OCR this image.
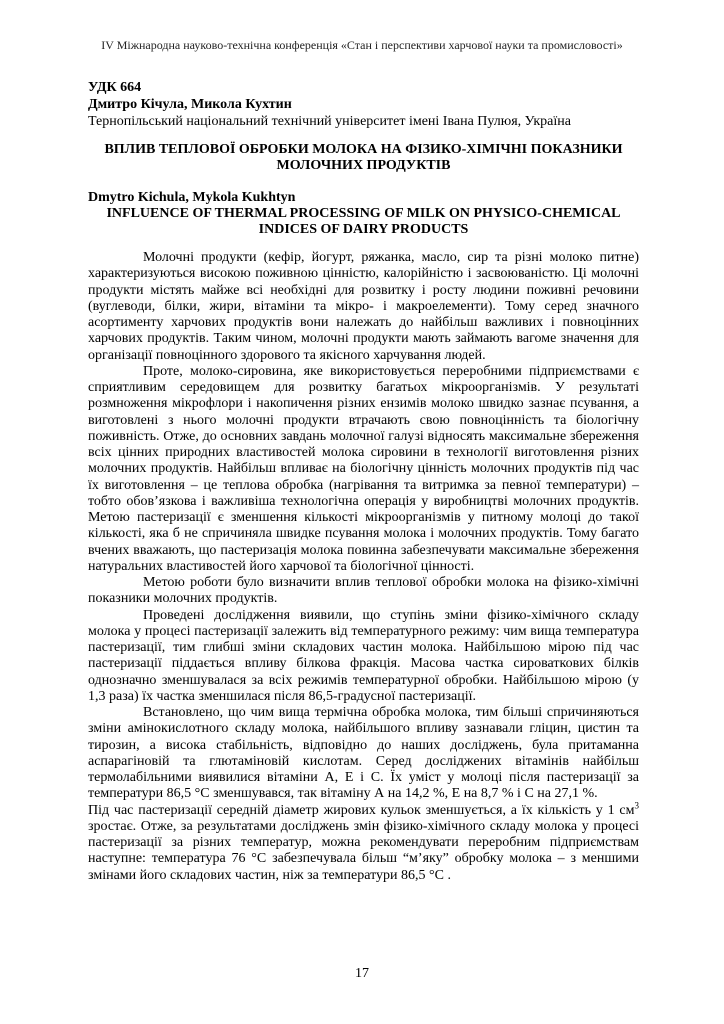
IV Міжнародна науково-технічна конференція «Стан і перспективи харчової науки та промисловості»
УДК 664
Дмитро Кічула, Микола Кухтин
Тернопільський національний технічний університет імені Івана Пулюя, Україна
ВПЛИВ ТЕПЛОВОЇ ОБРОБКИ МОЛОКА НА ФІЗИКО-ХІМІЧНІ ПОКАЗНИКИ
МОЛОЧНИХ ПРОДУКТІВ
Dmytro Kichula, Mykola Kukhtyn
INFLUENCE OF THERMAL PROCESSING OF MILK ON PHYSICO-CHEMICAL
INDICES OF DAIRY PRODUCTS

Молочні продукти (кефір, йогурт, ряжанка, масло, сир та різні молоко питне) характеризуються високою поживною цінністю, калорійністю і засвоюваністю. Ці молочні продукти містять майже всі необхідні для розвитку і росту людини поживні речовини (вуглеводи, білки, жири, вітаміни та мікро- і макроелементи). Тому серед значного асортименту харчових продуктів вони належать до найбільш важливих і повноцінних харчових продуктів. Таким чином, молочні продукти мають займають вагоме значення для організації повноцінного здорового та якісного харчування людей.

Проте, молоко-сировина, яке використовується переробними підприємствами є сприятливим середовищем для розвитку багатьох мікроорганізмів. У результаті розмноження мікрофлори і накопичення різних ензимів молоко швидко зазнає псування, а виготовлені з нього молочні продукти втрачають свою повноцінність та біологічну поживність. Отже, до основних завдань молочної галузі відносять максимальне збереження всіх цінних природних властивостей молока сировини в технології виготовлення різних молочних продуктів. Найбільш впливає на біологічну цінність молочних продуктів під час їх виготовлення – це теплова обробка (нагрівання та витримка за певної температури) – тобто обов’язкова і важливіша технологічна операція у виробництві молочних продуктів. Метою пастеризації є зменшення кількості мікроорганізмів у питному молоці до такої кількості, яка б не спричиняла швидке псування молока і молочних продуктів. Тому багато вчених вважають, що пастеризація молока повинна забезпечувати максимальне збереження натуральних властивостей його харчової та біологічної цінності.

Метою роботи було визначити вплив теплової обробки молока на фізико-хімічні показники молочних продуктів.

Проведені дослідження виявили, що ступінь зміни фізико-хімічного складу молока у процесі пастеризації залежить від температурного режиму: чим вища температура пастеризації, тим глибші зміни складових частин молока. Найбільшою мірою під час пастеризації піддається впливу білкова фракція. Масова частка сироваткових білків однозначно зменшувалася за всіх режимів температурної обробки. Найбільшою мірою (у 1,3 раза) їх частка зменшилася після 86,5-градусної пастеризації.

Встановлено, що чим вища термічна обробка молока, тим більші спричиняються зміни амінокислотного складу молока, найбільшого впливу зазнавали гліцин, цистин та тирозин, а висока стабільність, відповідно до наших досліджень, була притаманна аспарагіновій та глютаміновій кислотам. Серед досліджених вітамінів найбільш термолабільними виявилися вітаміни А, Е і С. Їх уміст у молоці після пастеризації за температури 86,5 °С зменшувався, так вітаміну А на 14,2 %, Е на 8,7 % і С на 27,1 %.

Під час пастеризації середній діаметр жирових кульок зменшується, а їх кількість у 1 $см^3$ зростає. Отже, за результатами досліджень змін фізико-хімічного складу молока у процесі пастеризації за різних температур, можна рекомендувати переробним підприємствам наступне: температура 76 °С забезпечувала більш “м’яку” обробку молока – з меншими змінами його складових частин, ніж за температури 86,5 °С .

17
